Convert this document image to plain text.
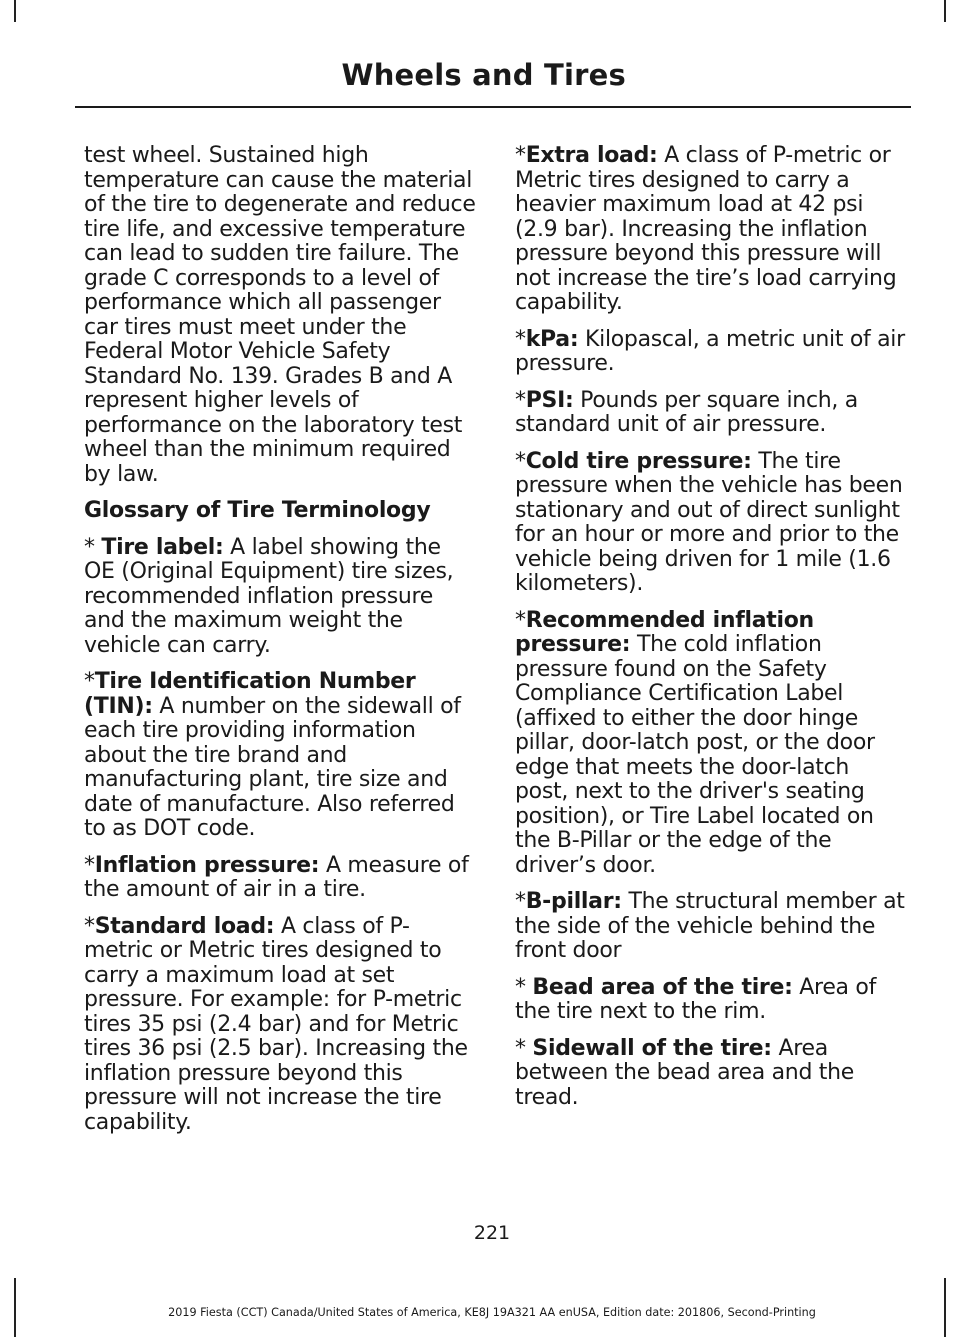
Wheels and Tires

test wheel. Sustained high temperature can cause the material of the tire to degenerate and reduce tire life, and excessive temperature can lead to sudden tire failure. The grade C corresponds to a level of performance which all passenger car tires must meet under the Federal Motor Vehicle Safety Standard No. 139. Grades B and A represent higher levels of performance on the laboratory test wheel than the minimum required by law.

Glossary of Tire Terminology

* Tire label: A label showing the OE (Original Equipment) tire sizes, recommended inflation pressure and the maximum weight the vehicle can carry.

*Tire Identification Number (TIN): A number on the sidewall of each tire providing information about the tire brand and manufacturing plant, tire size and date of manufacture. Also referred to as DOT code.

*Inflation pressure: A measure of the amount of air in a tire.

*Standard load: A class of P-metric or Metric tires designed to carry a maximum load at set pressure. For example: for P-metric tires 35 psi (2.4 bar) and for Metric tires 36 psi (2.5 bar). Increasing the inflation pressure beyond this pressure will not increase the tire capability.

*Extra load: A class of P-metric or Metric tires designed to carry a heavier maximum load at 42 psi (2.9 bar). Increasing the inflation pressure beyond this pressure will not increase the tire’s load carrying capability.

*kPa: Kilopascal, a metric unit of air pressure.

*PSI: Pounds per square inch, a standard unit of air pressure.

*Cold tire pressure: The tire pressure when the vehicle has been stationary and out of direct sunlight for an hour or more and prior to the vehicle being driven for 1 mile (1.6 kilometers).

*Recommended inflation pressure: The cold inflation pressure found on the Safety Compliance Certification Label (affixed to either the door hinge pillar, door-latch post, or the door edge that meets the door-latch post, next to the driver's seating position), or Tire Label located on the B-Pillar or the edge of the driver’s door.

*B-pillar: The structural member at the side of the vehicle behind the front door

* Bead area of the tire: Area of the tire next to the rim.

* Sidewall of the tire: Area between the bead area and the tread.

221
2019 Fiesta (CCT) Canada/United States of America, KE8J 19A321 AA enUSA, Edition date: 201806, Second-Printing
